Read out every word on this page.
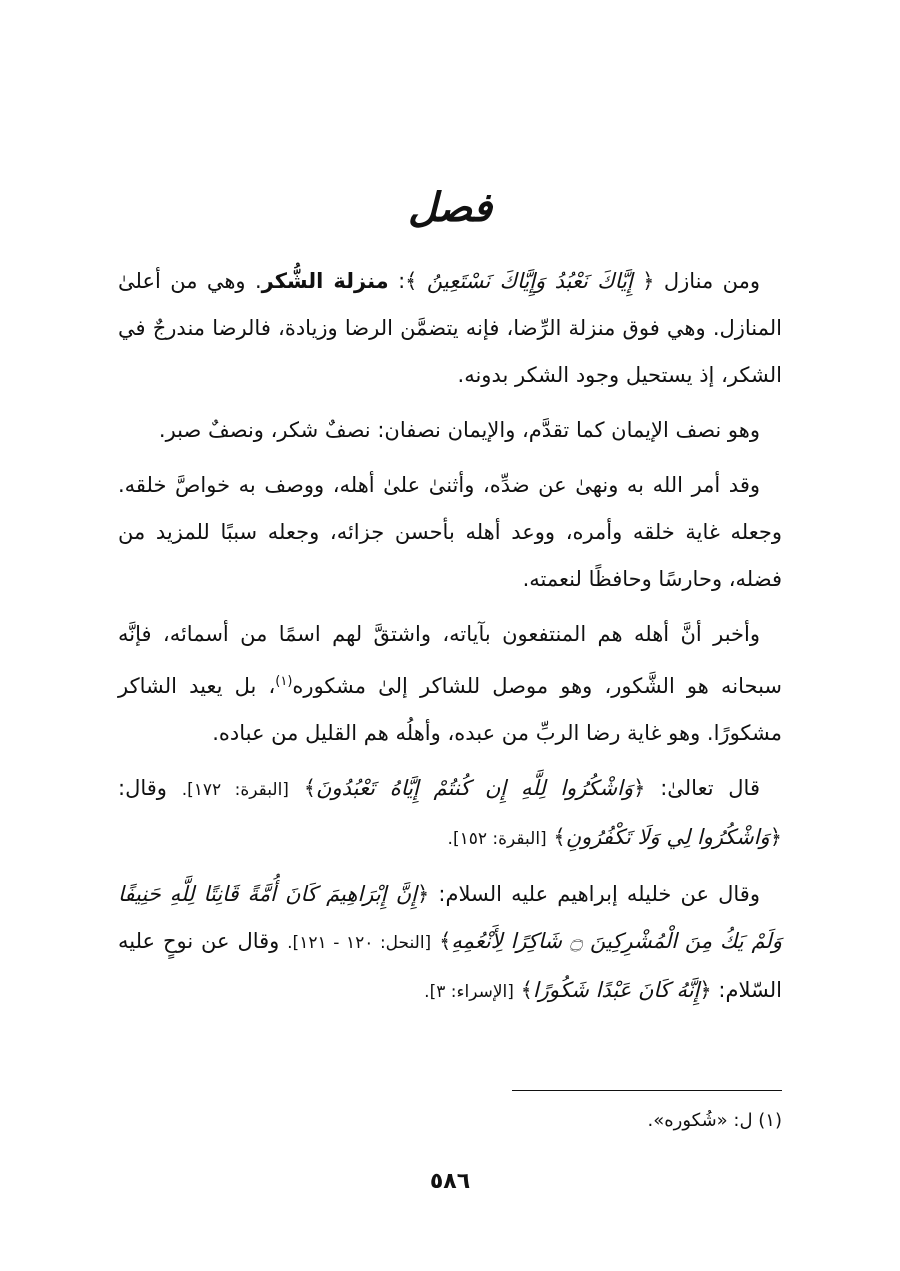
فصل

ومن منازل ﴿ إِيَّاكَ نَعْبُدُ وَإِيَّاكَ نَسْتَعِينُ ﴾: منزلة الشُّكر. وهي من أعلىٰ المنازل. وهي فوق منزلة الرِّضا، فإنه يتضمَّن الرضا وزيادة، فالرضا مندرجٌ في الشكر، إذ يستحيل وجود الشكر بدونه.

وهو نصف الإيمان كما تقدَّم، والإيمان نصفان: نصفٌ شكر، ونصفٌ صبر.

وقد أمر الله به ونهىٰ عن ضدِّه، وأثنىٰ علىٰ أهله، ووصف به خواصَّ خلقه. وجعله غاية خلقه وأمره، ووعد أهله بأحسن جزائه، وجعله سببًا للمزيد من فضله، وحارسًا وحافظًا لنعمته.

وأخبر أنَّ أهله هم المنتفعون بآياته، واشتقَّ لهم اسمًا من أسمائه، فإنَّه سبحانه هو الشَّكور، وهو موصل للشاكر إلىٰ مشكوره$^{(١)}$، بل يعيد الشاكر مشكورًا. وهو غاية رضا الربِّ من عبده، وأهلُه هم القليل من عباده.

قال تعالىٰ: ﴿وَاشْكُرُوا لِلَّهِ إِن كُنتُمْ إِيَّاهُ تَعْبُدُونَ﴾ [البقرة: ١٧٢]. وقال: ﴿وَاشْكُرُوا لِي وَلَا تَكْفُرُونِ﴾ [البقرة: ١٥٢].

وقال عن خليله إبراهيم عليه السلام: ﴿إِنَّ إِبْرَاهِيمَ كَانَ أُمَّةً قَانِتًا لِلَّهِ حَنِيفًا وَلَمْ يَكُ مِنَ الْمُشْرِكِينَ ۝ شَاكِرًا لِأَنْعُمِهِ﴾ [النحل: ١٢٠ - ١٢١]. وقال عن نوحٍ عليه السّلام: ﴿إِنَّهُ كَانَ عَبْدًا شَكُورًا﴾ [الإسراء: ٣].

(١) ل: «شُكوره».
٥٨٦
